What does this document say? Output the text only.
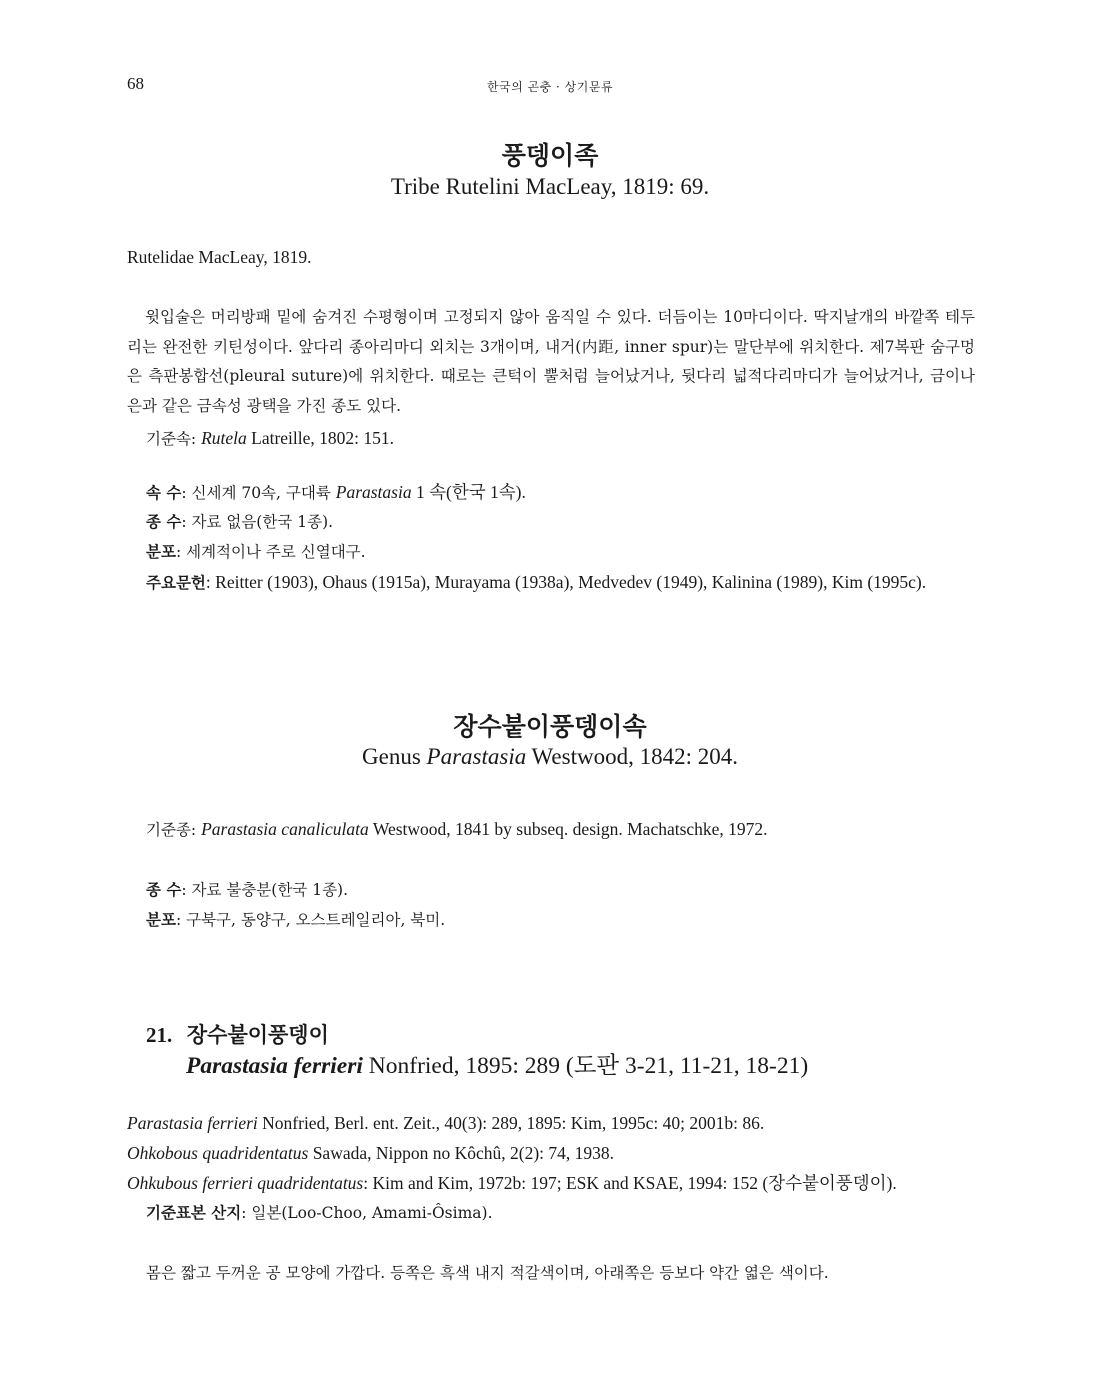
68	한국의 곤충 · 상기문류
풍뎅이족
Tribe Rutelini MacLeay, 1819: 69.
Rutelidae MacLeay, 1819.
윗입술은 머리방패 밑에 숨겨진 수평형이며 고정되지 않아 움직일 수 있다. 더듬이는 10마디이다. 딱지날개의 바깥쪽 테두리는 완전한 키틴성이다. 앞다리 종아리마디 외치는 3개이며, 내거(内距, inner spur)는 말단부에 위치한다. 제7복판 숨구멍은 측판봉합선(pleural suture)에 위치한다. 때로는 큰턱이 뿔처럼 늘어났거나, 뒷다리 넓적다리마디가 늘어났거나, 금이나 은과 같은 금속성 광택을 가진 종도 있다.
기준속: Rutela Latreille, 1802: 151.
속 수: 신세계 70속, 구대륙 Parastasia 1 속(한국 1속).
종 수: 자료 없음(한국 1종).
분포: 세계적이나 주로 신열대구.
주요문헌: Reitter (1903), Ohaus (1915a), Murayama (1938a), Medvedev (1949), Kalinina (1989), Kim (1995c).
장수붙이풍뎅이속
Genus Parastasia Westwood, 1842: 204.
기준종: Parastasia canaliculata Westwood, 1841 by subseq. design. Machatschke, 1972.
종 수: 자료 불충분(한국 1종).
분포: 구북구, 동양구, 오스트레일리아, 북미.
21. 장수붙이풍뎅이
Parastasia ferrieri Nonfried, 1895: 289 (도판 3-21, 11-21, 18-21)
Parastasia ferrieri Nonfried, Berl. ent. Zeit., 40(3): 289, 1895: Kim, 1995c: 40; 2001b: 86.
Ohkobous quadridentatus Sawada, Nippon no Kôchû, 2(2): 74, 1938.
Ohkubous ferrieri quadridentatus: Kim and Kim, 1972b: 197; ESK and KSAE, 1994: 152 (장수붙이풍뎅이).
기준표본 산지: 일본(Loo-Choo, Amami-Ôsima).
몸은 짧고 두꺼운 공 모양에 가깝다. 등쪽은 흑색 내지 적갈색이며, 아래쪽은 등보다 약간 엷은 색이다.
